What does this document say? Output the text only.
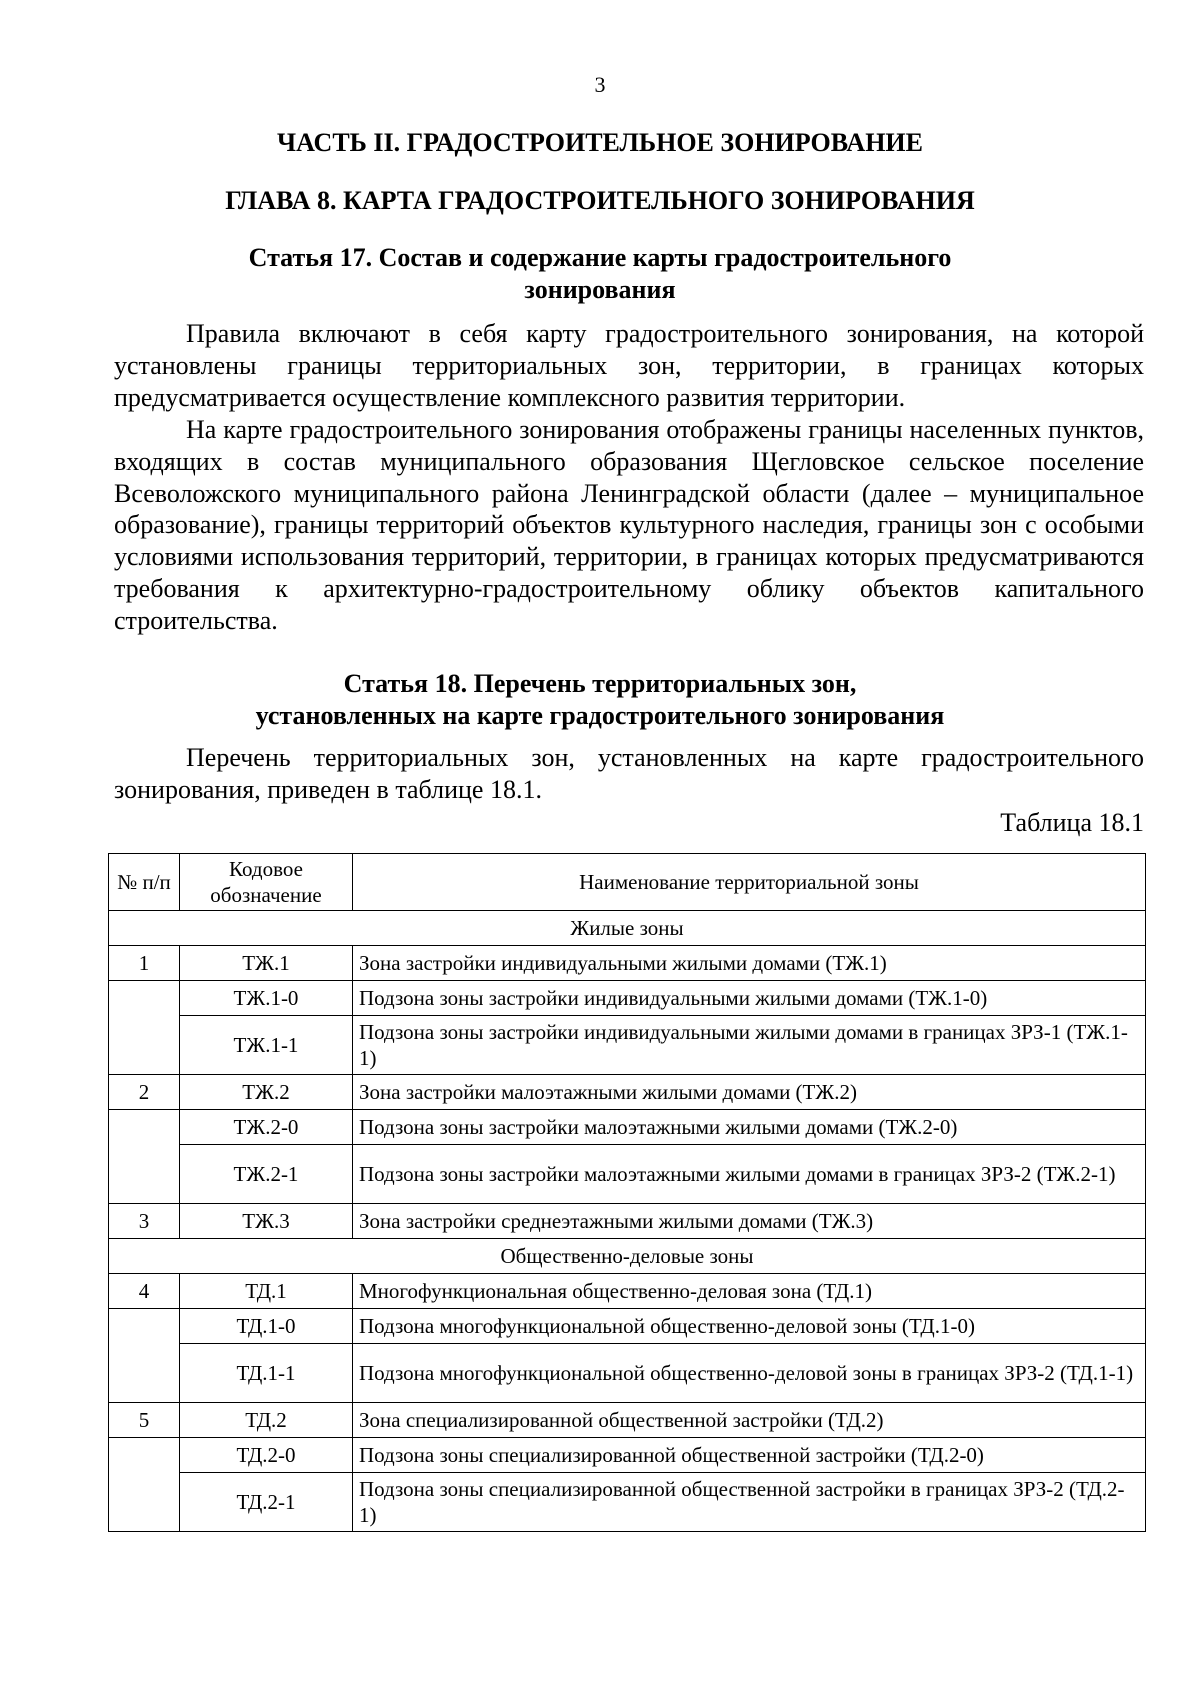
3
ЧАСТЬ II. ГРАДОСТРОИТЕЛЬНОЕ ЗОНИРОВАНИЕ
ГЛАВА 8. КАРТА ГРАДОСТРОИТЕЛЬНОГО ЗОНИРОВАНИЯ
Статья 17. Состав и содержание карты градостроительного
зонирования

Правила включают в себя карту градостроительного зонирования, на которой установлены границы территориальных зон, территории, в границах которых предусматривается осуществление комплексного развития территории.

На карте градостроительного зонирования отображены границы населенных пунктов, входящих в состав муниципального образования Щегловское сельское поселение Всеволожского муниципального района Ленинградской области (далее – муниципальное образование), границы территорий объектов культурного наследия, границы зон с особыми условиями использования территорий, территории, в границах которых предусматриваются требования к архитектурно-градостроительному облику объектов капитального строительства.

Статья 18. Перечень территориальных зон,
установленных на карте градостроительного зонирования

Перечень территориальных зон, установленных на карте градостроительного зонирования, приведен в таблице 18.1.

Таблица 18.1
№ п/п	Кодовое обозначение	Наименование территориальной зоны
Жилые зоны		
1	ТЖ.1	Зона застройки индивидуальными жилыми домами (ТЖ.1)
	ТЖ.1-0	Подзона зоны застройки индивидуальными жилыми домами (ТЖ.1-0)
	ТЖ.1-1	Подзона зоны застройки индивидуальными жилыми домами в границах ЗРЗ-1 (ТЖ.1-1)
2	ТЖ.2	Зона застройки малоэтажными жилыми домами (ТЖ.2)
	ТЖ.2-0	Подзона зоны застройки малоэтажными жилыми домами (ТЖ.2-0)
	ТЖ.2-1	Подзона зоны застройки малоэтажными жилыми домами в границах ЗРЗ-2 (ТЖ.2-1)
3	ТЖ.3	Зона застройки среднеэтажными жилыми домами (ТЖ.3)
Общественно-деловые зоны		
4	ТД.1	Многофункциональная общественно-деловая зона (ТД.1)
	ТД.1-0	Подзона многофункциональной общественно-деловой зоны (ТД.1-0)
	ТД.1-1	Подзона многофункциональной общественно-деловой зоны в границах ЗРЗ-2 (ТД.1-1)
5	ТД.2	Зона специализированной общественной застройки (ТД.2)
	ТД.2-0	Подзона зоны специализированной общественной застройки (ТД.2-0)
	ТД.2-1	Подзона зоны специализированной общественной застройки в границах ЗРЗ-2 (ТД.2-1)
